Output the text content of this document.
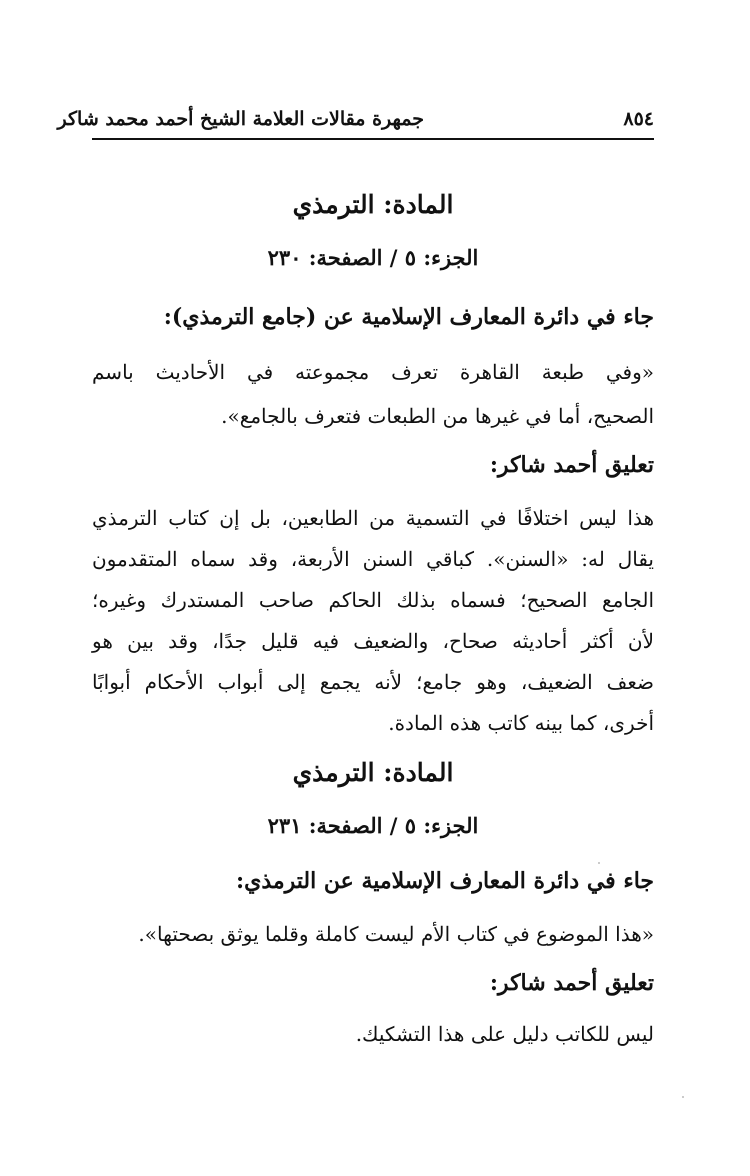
٨٥٤
جمهرة مقالات العلامة الشيخ أحمد محمد شاكر
المادة: الترمذي
الجزء: ٥ / الصفحة: ٢٣٠
جاء في دائرة المعارف الإسلامية عن (جامع الترمذي):
«وفي طبعة القاهرة تعرف مجموعته في الأحاديث باسم
الصحيح، أما في غيرها من الطبعات فتعرف بالجامع».
تعليق أحمد شاكر:
هذا ليس اختلافًا في التسمية من الطابعين، بل إن كتاب الترمذي
يقال له: «السنن». كباقي السنن الأربعة، وقد سماه المتقدمون
الجامع الصحيح؛ فسماه بذلك الحاكم صاحب المستدرك وغيره؛
لأن أكثر أحاديثه صحاح، والضعيف فيه قليل جدًا، وقد بين هو
ضعف الضعيف، وهو جامع؛ لأنه يجمع إلى أبواب الأحكام أبوابًا
أخرى، كما بينه كاتب هذه المادة.
المادة: الترمذي
الجزء: ٥ / الصفحة: ٢٣١
جاء في دائرة المعارف الإسلامية عن الترمذي:
«هذا الموضوع في كتاب الأم ليست كاملة وقلما يوثق بصحتها».
تعليق أحمد شاكر:
ليس للكاتب دليل على هذا التشكيك.
